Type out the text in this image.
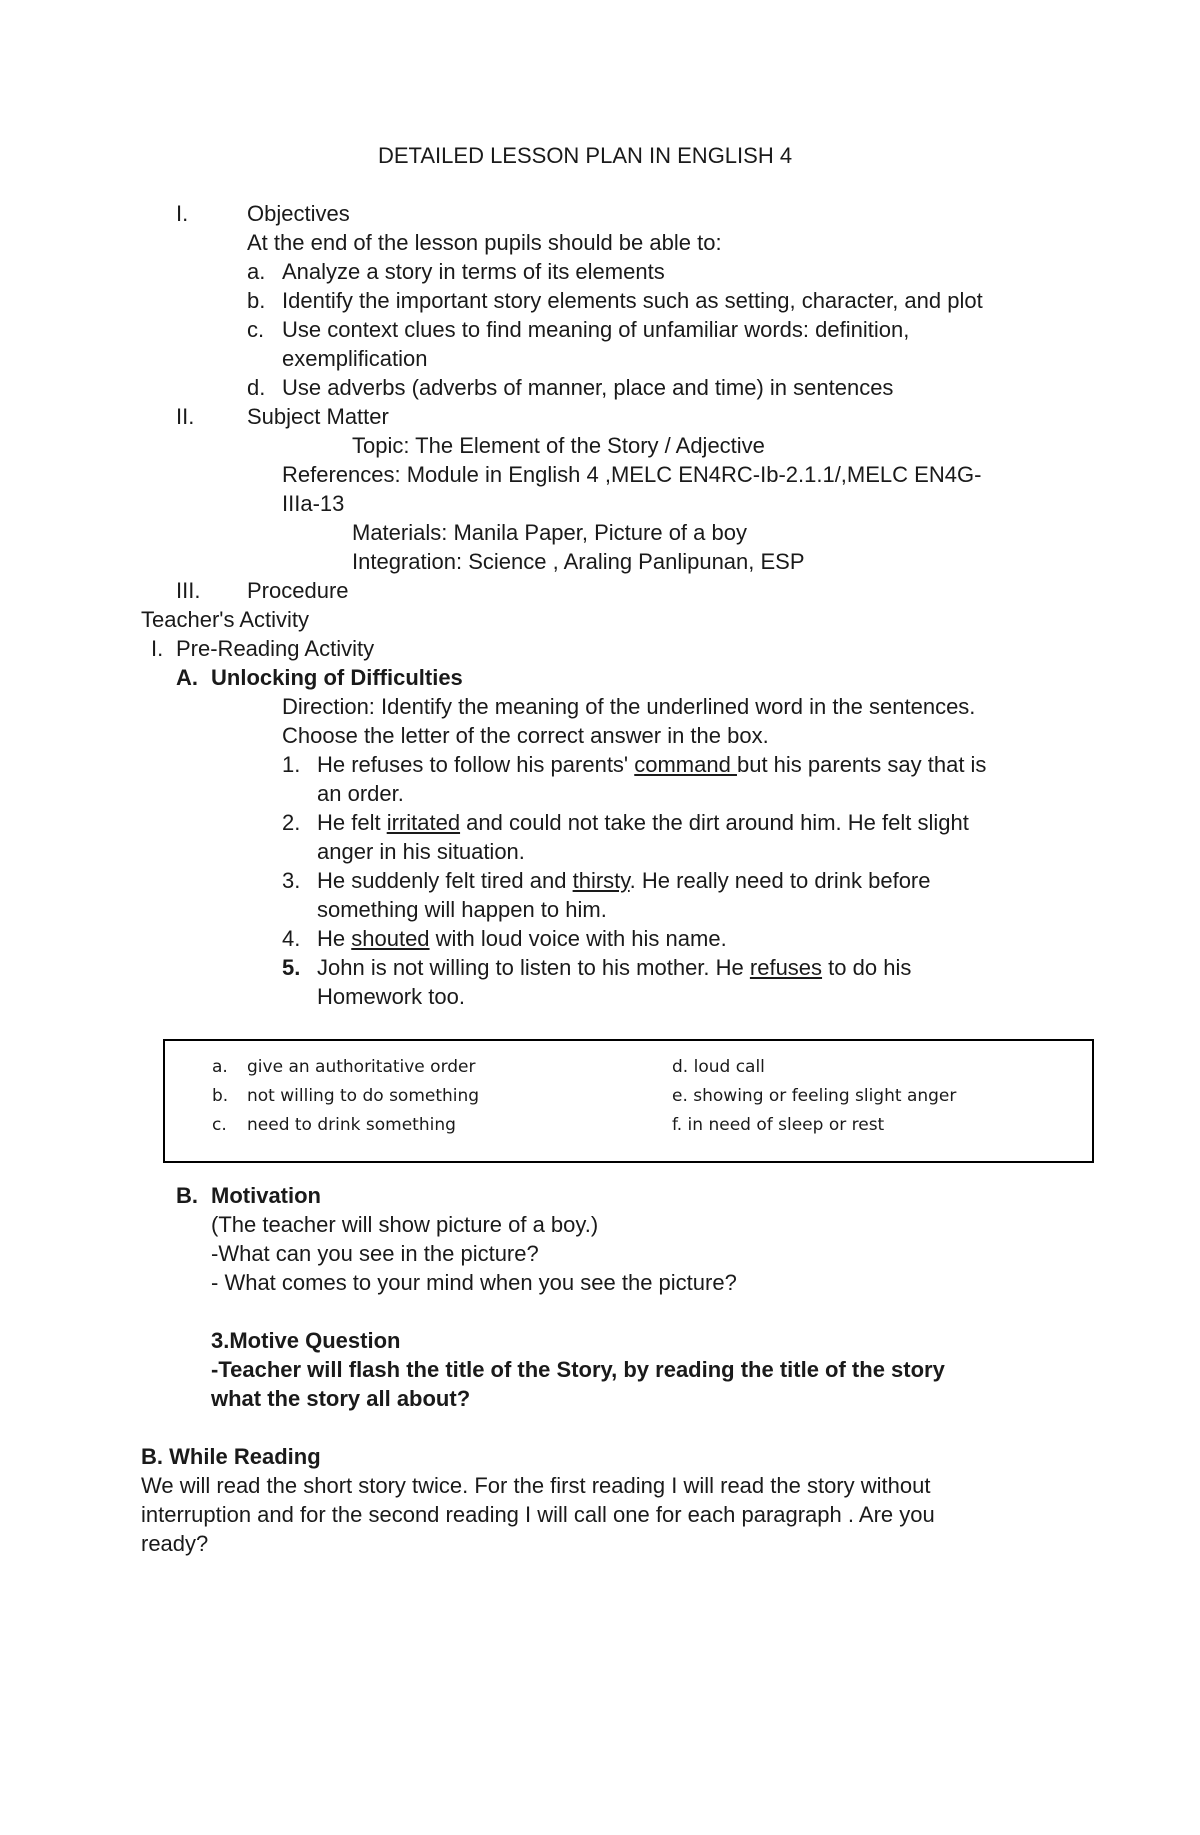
DETAILED LESSON PLAN IN ENGLISH 4
I.	Objectives
At the end of the lesson pupils should be able to:
a. Analyze a story in terms of its elements
b. Identify the important story elements such as setting, character, and plot
c. Use context clues to find meaning of unfamiliar words: definition,
exemplification
d. Use adverbs (adverbs of manner, place and time) in sentences
II. Subject Matter
Topic: The Element of the Story / Adjective
References: Module in English 4 ,MELC EN4RC-Ib-2.1.1/,MELC EN4G-
IIIa-13
Materials: Manila Paper, Picture of a boy
Integration: Science , Araling Panlipunan, ESP
III. Procedure
Teacher's Activity
I. Pre-Reading Activity
A. Unlocking of Difficulties
Direction: Identify the meaning of the underlined word in the sentences.
Choose the letter of the correct answer in the box.
1. He refuses to follow his parents' command but his parents say that is
an order.
2. He felt irritated and could not take the dirt around him. He felt slight
anger in his situation.
3. He suddenly felt tired and thirsty. He really need to drink before
something will happen to him.
4. He shouted with loud voice with his name.
5. John is not willing to listen to his mother. He refuses to do his
Homework too.
a. give an authoritative order
b. not willing to do something
c. need to drink something
d. loud call
e. showing or feeling slight anger
f. in need of sleep or rest
B. Motivation
(The teacher will show picture of a boy.)
-What can you see in the picture?
- What comes to your mind when you see the picture?
3.Motive Question
-Teacher will flash the title of the Story, by reading the title of the story
what the story all about?
B. While Reading
We will read the short story twice. For the first reading I will read the story without
interruption and for the second reading I will call one for each paragraph . Are you
ready?
